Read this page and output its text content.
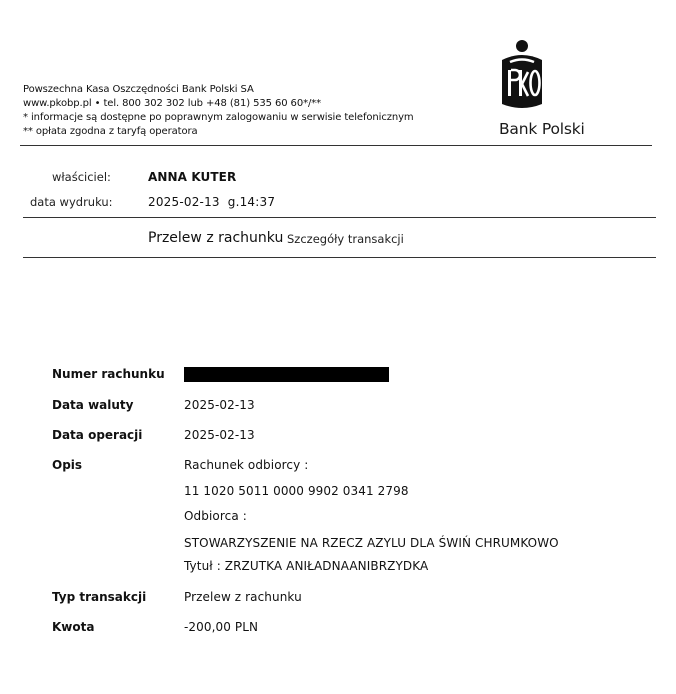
Powszechna Kasa Oszczędności Bank Polski SA
www.pkobp.pl • tel. 800 302 302 lub +48 (81) 535 60 60*/**
* informacje są dostępne po poprawnym zalogowaniu w serwisie telefonicznym
** opłata zgodna z taryfą operatora	Bank Polski
właściciel:	ANNA KUTER
data wydruku:	2025-02-13  g.14:37
Przelew z rachunku Szczegóły transakcji
Numer rachunku
Data waluty	2025-02-13
Data operacji	2025-02-13
Opis	Rachunek odbiorcy :
11 1020 5011 0000 9902 0341 2798
Odbiorca :
STOWARZYSZENIE NA RZECZ AZYLU DLA ŚWIŃ CHRUMKOWO
Tytuł : ZRZUTKA ANIŁADNAANIBRZYDKA
Typ transakcji	Przelew z rachunku
Kwota	-200,00 PLN
